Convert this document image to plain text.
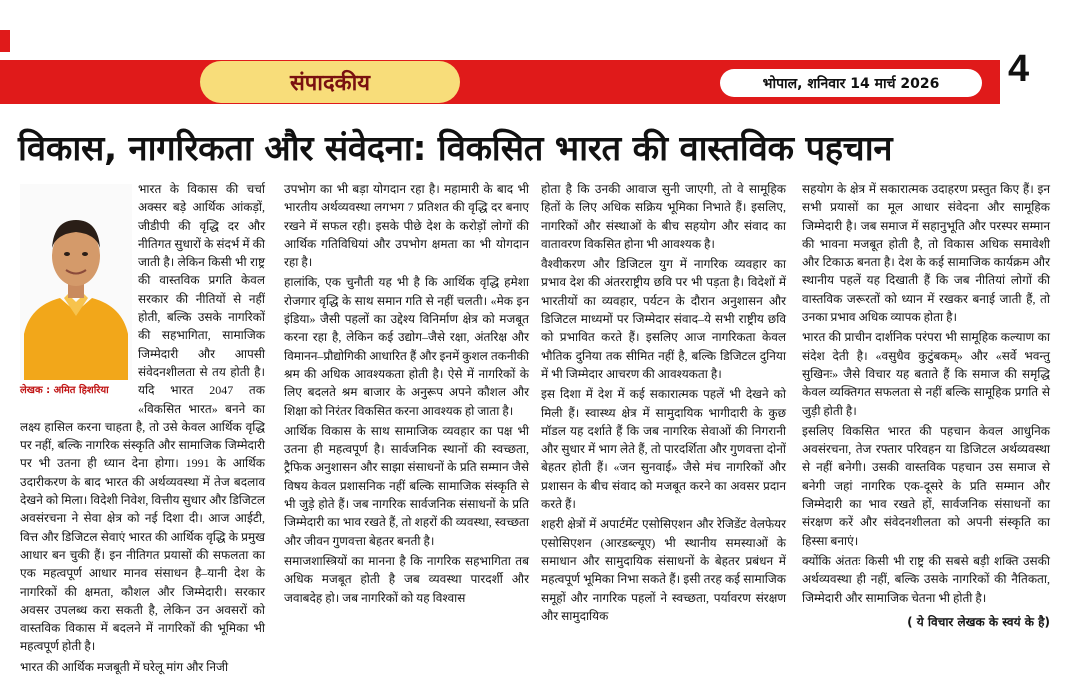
संपादकीय	भोपाल, शनिवार 14 मार्च 2026	4
विकास, नागरिकता और संवेदना: विकसित भारत की वास्तविक पहचान
लेखक : अमित हिशरिया

भारत के विकास की चर्चा अक्सर बड़े आर्थिक आंकड़ों, जीडीपी की वृद्धि दर और नीतिगत सुधारों के संदर्भ में की जाती है। लेकिन किसी भी राष्ट्र की वास्तविक प्रगति केवल सरकार की नीतियों से नहीं होती, बल्कि उसके नागरिकों की सहभागिता, सामाजिक जिम्मेदारी और आपसी संवेदनशीलता से तय होती है। यदि भारत 2047 तक «विकसित भारत» बनने का लक्ष्य हासिल करना चाहता है, तो उसे केवल आर्थिक वृद्धि पर नहीं, बल्कि नागरिक संस्कृति और सामाजिक जिम्मेदारी पर भी उतना ही ध्यान देना होगा। 1991 के आर्थिक उदारीकरण के बाद भारत की अर्थव्यवस्था में तेज बदलाव देखने को मिला। विदेशी निवेश, वित्तीय सुधार और डिजिटल अवसंरचना ने सेवा क्षेत्र को नई दिशा दी। आज आईटी, वित्त और डिजिटल सेवाएं भारत की आर्थिक वृद्धि के प्रमुख आधार बन चुकी हैं। इन नीतिगत प्रयासों की सफलता का एक महत्वपूर्ण आधार मानव संसाधन है–यानी देश के नागरिकों की क्षमता, कौशल और जिम्मेदारी। सरकार अवसर उपलब्ध करा सकती है, लेकिन उन अवसरों को वास्तविक विकास में बदलने में नागरिकों की भूमिका भी महत्वपूर्ण होती है।

भारत की आर्थिक मजबूती में घरेलू मांग और निजी

उपभोग का भी बड़ा योगदान रहा है। महामारी के बाद भी भारतीय अर्थव्यवस्था लगभग 7 प्रतिशत की वृद्धि दर बनाए रखने में सफल रही। इसके पीछे देश के करोड़ों लोगों की आर्थिक गतिविधियां और उपभोग क्षमता का भी योगदान रहा है।

हालांकि, एक चुनौती यह भी है कि आर्थिक वृद्धि हमेशा रोजगार वृद्धि के साथ समान गति से नहीं चलती। «मेक इन इंडिया» जैसी पहलों का उद्देश्य विनिर्माण क्षेत्र को मजबूत करना रहा है, लेकिन कई उद्योग–जैसे रक्षा, अंतरिक्ष और विमानन–प्रौद्योगिकी आधारित हैं और इनमें कुशल तकनीकी श्रम की अधिक आवश्यकता होती है। ऐसे में नागरिकों के लिए बदलते श्रम बाजार के अनुरूप अपने कौशल और शिक्षा को निरंतर विकसित करना आवश्यक हो जाता है।

आर्थिक विकास के साथ सामाजिक व्यवहार का पक्ष भी उतना ही महत्वपूर्ण है। सार्वजनिक स्थानों की स्वच्छता, ट्रैफिक अनुशासन और साझा संसाधनों के प्रति सम्मान जैसे विषय केवल प्रशासनिक नहीं बल्कि सामाजिक संस्कृति से भी जुड़े होते हैं। जब नागरिक सार्वजनिक संसाधनों के प्रति जिम्मेदारी का भाव रखते हैं, तो शहरों की व्यवस्था, स्वच्छता और जीवन गुणवत्ता बेहतर बनती है।

समाजशास्त्रियों का मानना है कि नागरिक सहभागिता तब अधिक मजबूत होती है जब व्यवस्था पारदर्शी और जवाबदेह हो। जब नागरिकों को यह विश्वास

होता है कि उनकी आवाज सुनी जाएगी, तो वे सामूहिक हितों के लिए अधिक सक्रिय भूमिका निभाते हैं। इसलिए, नागरिकों और संस्थाओं के बीच सहयोग और संवाद का वातावरण विकसित होना भी आवश्यक है।

वैश्वीकरण और डिजिटल युग में नागरिक व्यवहार का प्रभाव देश की अंतरराष्ट्रीय छवि पर भी पड़ता है। विदेशों में भारतीयों का व्यवहार, पर्यटन के दौरान अनुशासन और डिजिटल माध्यमों पर जिम्मेदार संवाद–ये सभी राष्ट्रीय छवि को प्रभावित करते हैं। इसलिए आज नागरिकता केवल भौतिक दुनिया तक सीमित नहीं है, बल्कि डिजिटल दुनिया में भी जिम्मेदार आचरण की आवश्यकता है।

इस दिशा में देश में कई सकारात्मक पहलें भी देखने को मिली हैं। स्वास्थ्य क्षेत्र में सामुदायिक भागीदारी के कुछ मॉडल यह दर्शाते हैं कि जब नागरिक सेवाओं की निगरानी और सुधार में भाग लेते हैं, तो पारदर्शिता और गुणवत्ता दोनों बेहतर होती हैं। «जन सुनवाई» जैसे मंच नागरिकों और प्रशासन के बीच संवाद को मजबूत करने का अवसर प्रदान करते हैं।

शहरी क्षेत्रों में अपार्टमेंट एसोसिएशन और रेजिडेंट वेलफेयर एसोसिएशन (आरडब्ल्यूए) भी स्थानीय समस्याओं के समाधान और सामुदायिक संसाधनों के बेहतर प्रबंधन में महत्वपूर्ण भूमिका निभा सकते हैं। इसी तरह कई सामाजिक समूहों और नागरिक पहलों ने स्वच्छता, पर्यावरण संरक्षण और सामुदायिक

सहयोग के क्षेत्र में सकारात्मक उदाहरण प्रस्तुत किए हैं। इन सभी प्रयासों का मूल आधार संवेदना और सामूहिक जिम्मेदारी है। जब समाज में सहानुभूति और परस्पर सम्मान की भावना मजबूत होती है, तो विकास अधिक समावेशी और टिकाऊ बनता है। देश के कई सामाजिक कार्यक्रम और स्थानीय पहलें यह दिखाती हैं कि जब नीतियां लोगों की वास्तविक जरूरतों को ध्यान में रखकर बनाई जाती हैं, तो उनका प्रभाव अधिक व्यापक होता है।

भारत की प्राचीन दार्शनिक परंपरा भी सामूहिक कल्याण का संदेश देती है। «वसुधैव कुटुंबकम्» और «सर्वे भवन्तु सुखिनः» जैसे विचार यह बताते हैं कि समाज की समृद्धि केवल व्यक्तिगत सफलता से नहीं बल्कि सामूहिक प्रगति से जुड़ी होती है।

इसलिए विकसित भारत की पहचान केवल आधुनिक अवसंरचना, तेज रफ्तार परिवहन या डिजिटल अर्थव्यवस्था से नहीं बनेगी। उसकी वास्तविक पहचान उस समाज से बनेगी जहां नागरिक एक-दूसरे के प्रति सम्मान और जिम्मेदारी का भाव रखते हों, सार्वजनिक संसाधनों का संरक्षण करें और संवेदनशीलता को अपनी संस्कृति का हिस्सा बनाएं।

क्योंकि अंततः किसी भी राष्ट्र की सबसे बड़ी शक्ति उसकी अर्थव्यवस्था ही नहीं, बल्कि उसके नागरिकों की नैतिकता, जिम्मेदारी और सामाजिक चेतना भी होती है।

( ये विचार लेखक के स्वयं के है)
